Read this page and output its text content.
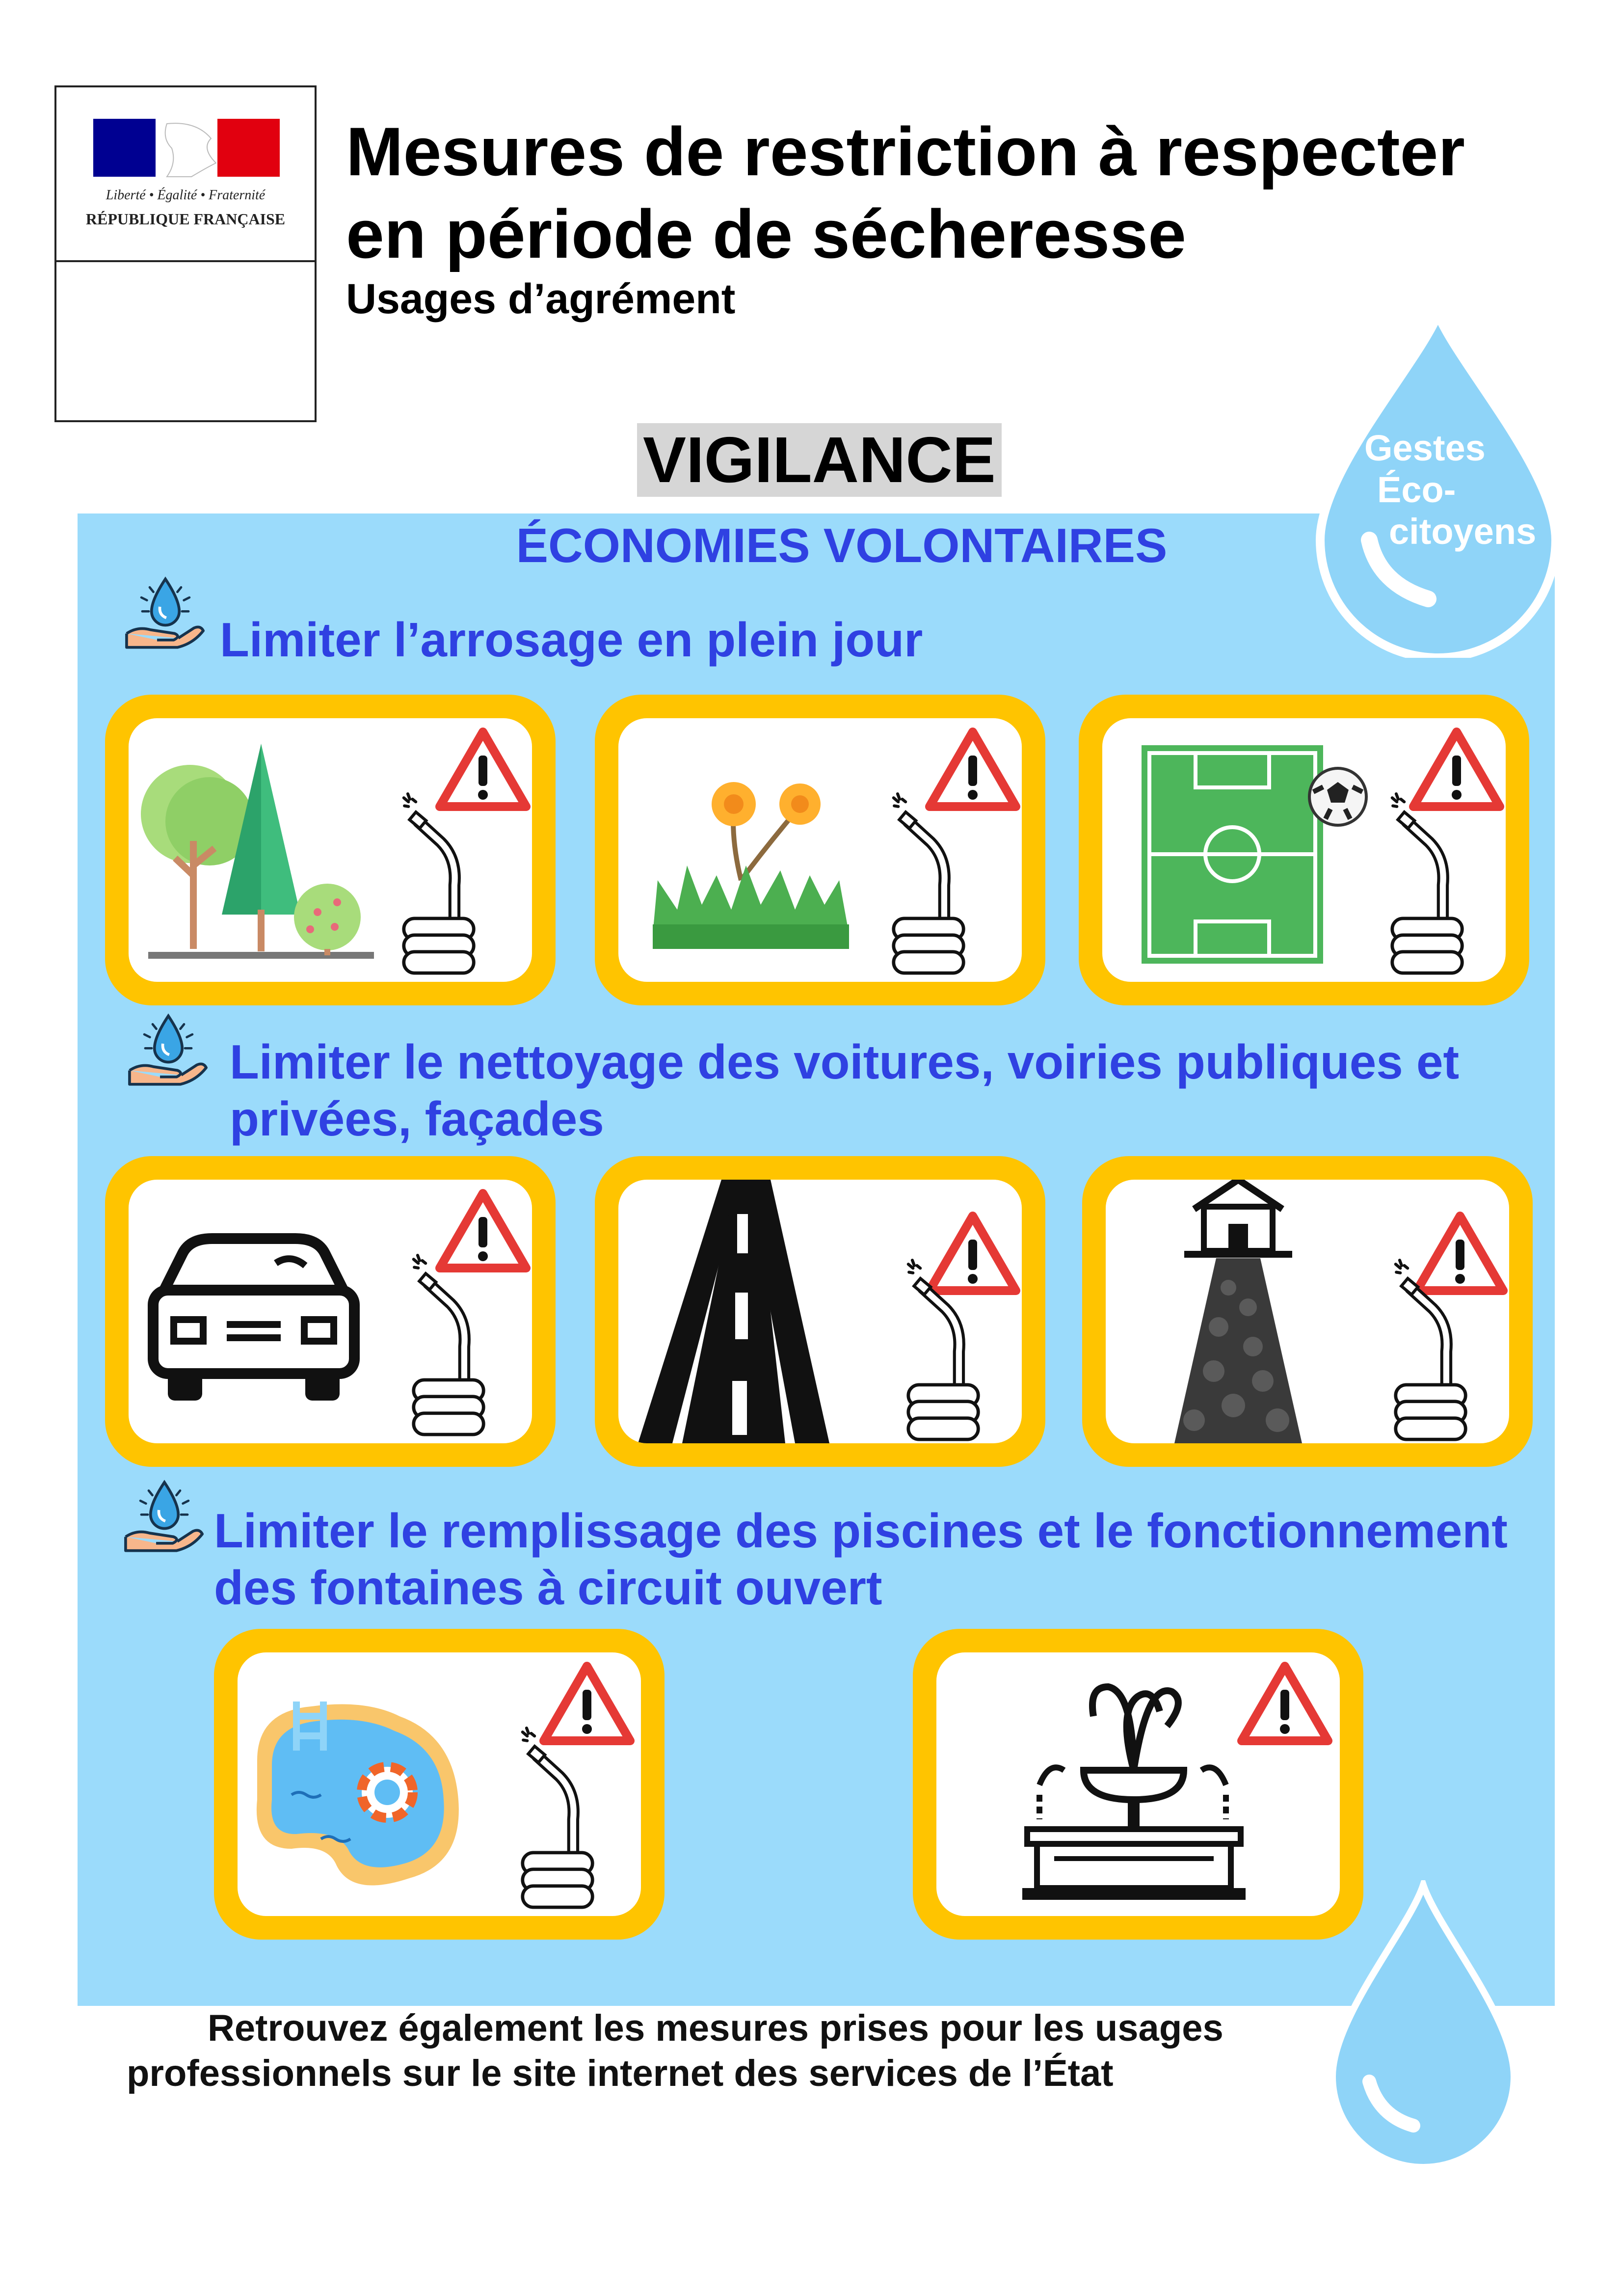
Liberté • Égalité • Fraternité
RÉPUBLIQUE FRANÇAISE
Mesures de restriction à respecter
en période de sécheresse
Usages d’agrément
Gestes
Éco-
citoyens
VIGILANCE
ÉCONOMIES VOLONTAIRES
Limiter l’arrosage en plein jour
Limiter le nettoyage des voitures, voiries publiques et
privées, façades
Limiter le remplissage des piscines et le fonctionnement
des fontaines à circuit ouvert
Retrouvez également les mesures prises pour les usages
professionnels sur le site internet des services de l’État
